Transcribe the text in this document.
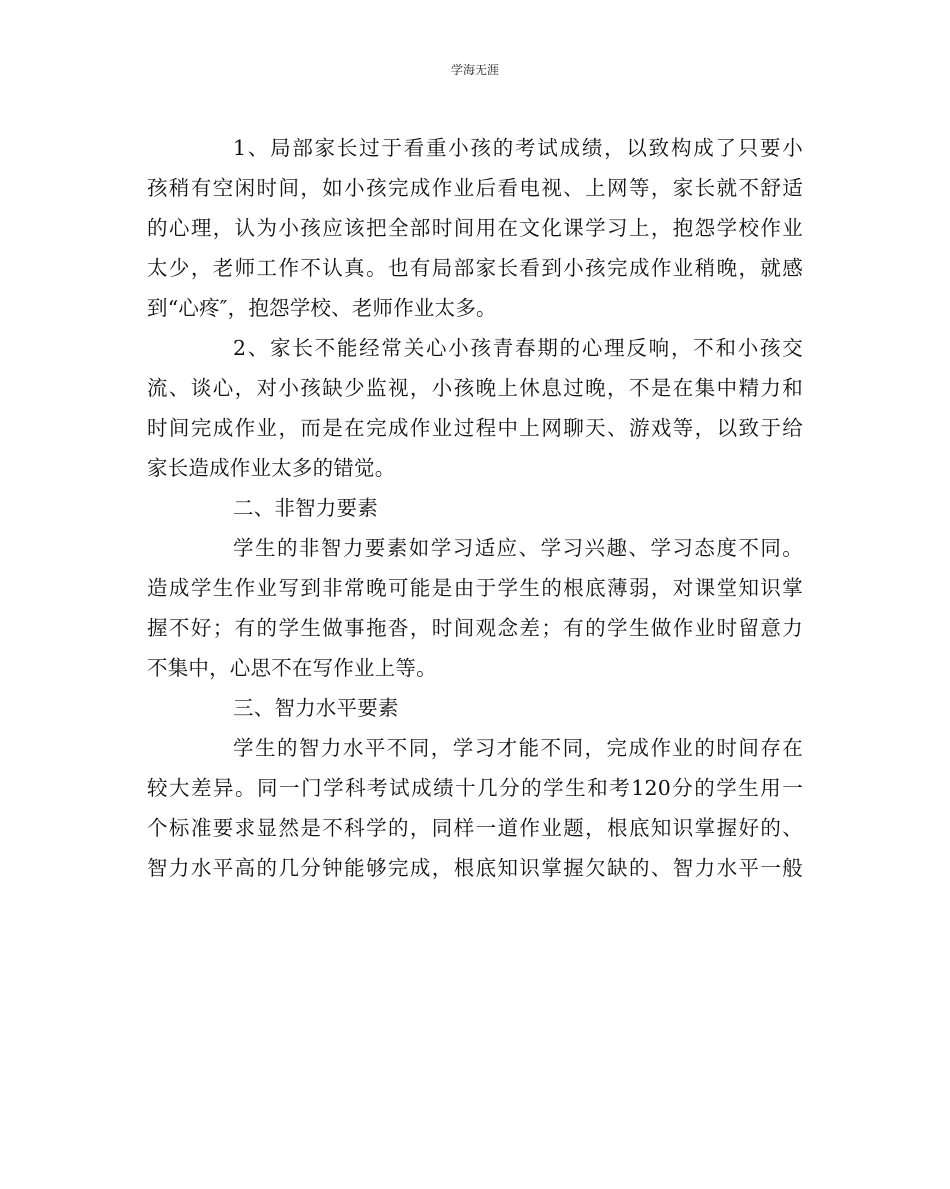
学海无涯
1、局部家长过于看重小孩的考试成绩，以致构成了只要小
孩稍有空闲时间，如小孩完成作业后看电视、上网等，家长就不舒适
的心理，认为小孩应该把全部时间用在文化课学习上，抱怨学校作业
太少，老师工作不认真。也有局部家长看到小孩完成作业稍晚，就感
到“心疼″，抱怨学校、老师作业太多。
2、家长不能经常关心小孩青春期的心理反响，不和小孩交
流、谈心，对小孩缺少监视，小孩晚上休息过晚，不是在集中精力和
时间完成作业，而是在完成作业过程中上网聊天、游戏等，以致于给
家长造成作业太多的错觉。
二、非智力要素
学生的非智力要素如学习适应、学习兴趣、学习态度不同。
造成学生作业写到非常晚可能是由于学生的根底薄弱，对课堂知识掌
握不好；有的学生做事拖沓，时间观念差；有的学生做作业时留意力
不集中，心思不在写作业上等。
三、智力水平要素
学生的智力水平不同，学习才能不同，完成作业的时间存在
较大差异。同一门学科考试成绩十几分的学生和考120分的学生用一
个标准要求显然是不科学的，同样一道作业题，根底知识掌握好的、
智力水平高的几分钟能够完成，根底知识掌握欠缺的、智力水平一般
